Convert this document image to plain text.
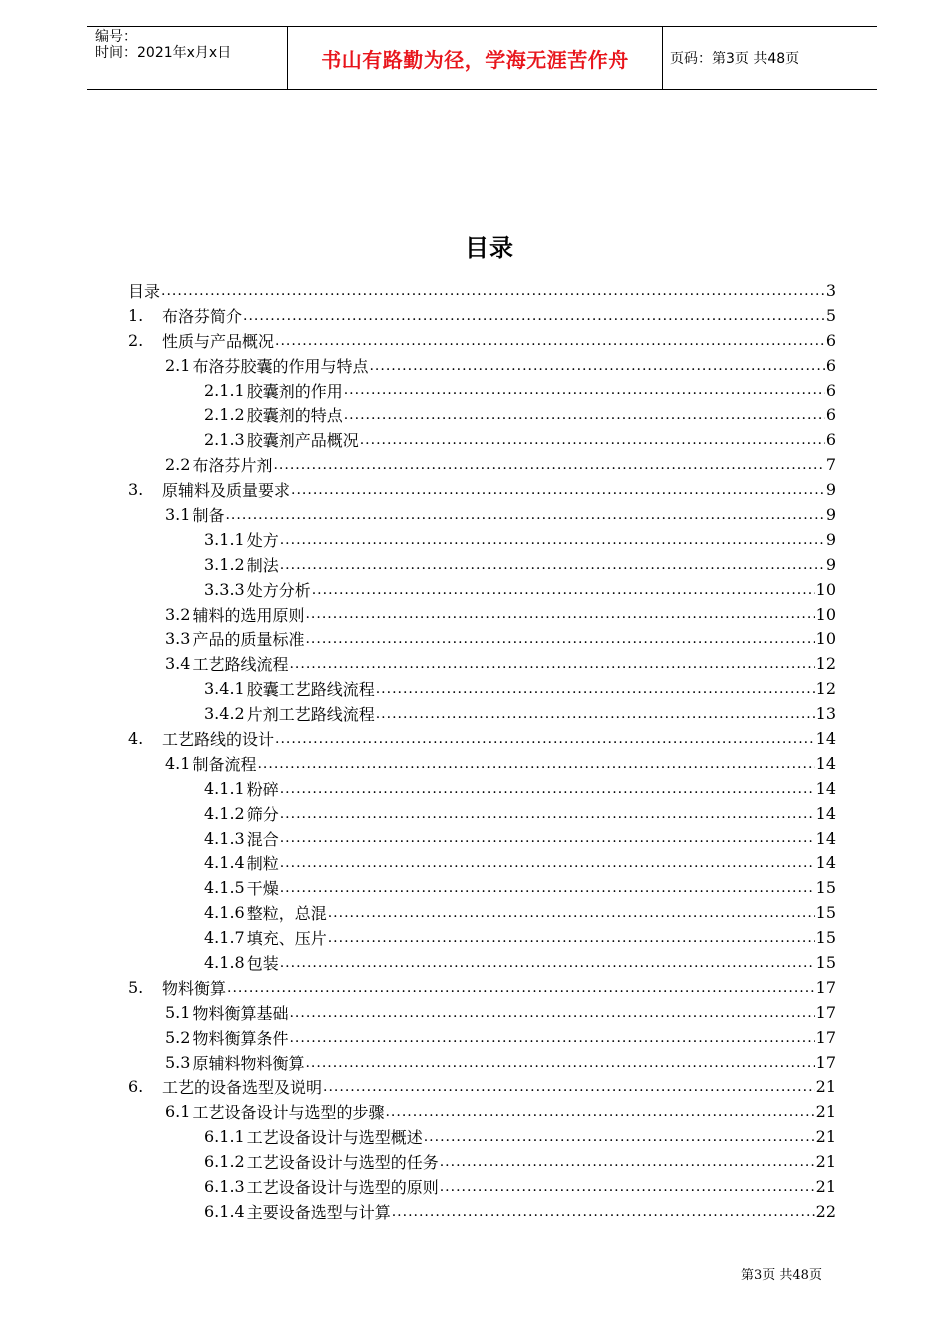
编号：
时间：2021年x月x日	书山有路勤为径，学海无涯苦作舟	页码：第3页 共48页
目录
目录 .....	3
1.	布洛芬简介 .....	5
2.	性质与产品概况 .....	6
2.1 布洛芬胶囊的作用与特点 .....	6
2.1.1 胶囊剂的作用 .....	6
2.1.2 胶囊剂的特点 .....	6
2.1.3 胶囊剂产品概况 .....	6
2.2 布洛芬片剂 .....	7
3.	原辅料及质量要求 .....	9
3.1 制备 .....	9
3.1.1 处方 .....	9
3.1.2 制法 .....	9
3.3.3 处方分析 .....	10
3.2 辅料的选用原则 .....	10
3.3 产品的质量标准 .....	10
3.4 工艺路线流程 .....	12
3.4.1 胶囊工艺路线流程 .....	12
3.4.2 片剂工艺路线流程 .....	13
4.	工艺路线的设计 .....	14
4.1 制备流程 .....	14
4.1.1 粉碎 .....	14
4.1.2 筛分 .....	14
4.1.3 混合 .....	14
4.1.4 制粒 .....	14
4.1.5 干燥 .....	15
4.1.6 整粒，总混 .....	15
4.1.7 填充、压片 .....	15
4.1.8 包装 .....	15
5.	物料衡算 .....	17
5.1 物料衡算基础 .....	17
5.2 物料衡算条件 .....	17
5.3 原辅料物料衡算 .....	17
6.	工艺的设备选型及说明 .....	21
6.1 工艺设备设计与选型的步骤 .....	21
6.1.1 工艺设备设计与选型概述 .....	21
6.1.2 工艺设备设计与选型的任务 .....	21
6.1.3 工艺设备设计与选型的原则 .....	21
6.1.4 主要设备选型与计算 .....	22
第3页 共48页
